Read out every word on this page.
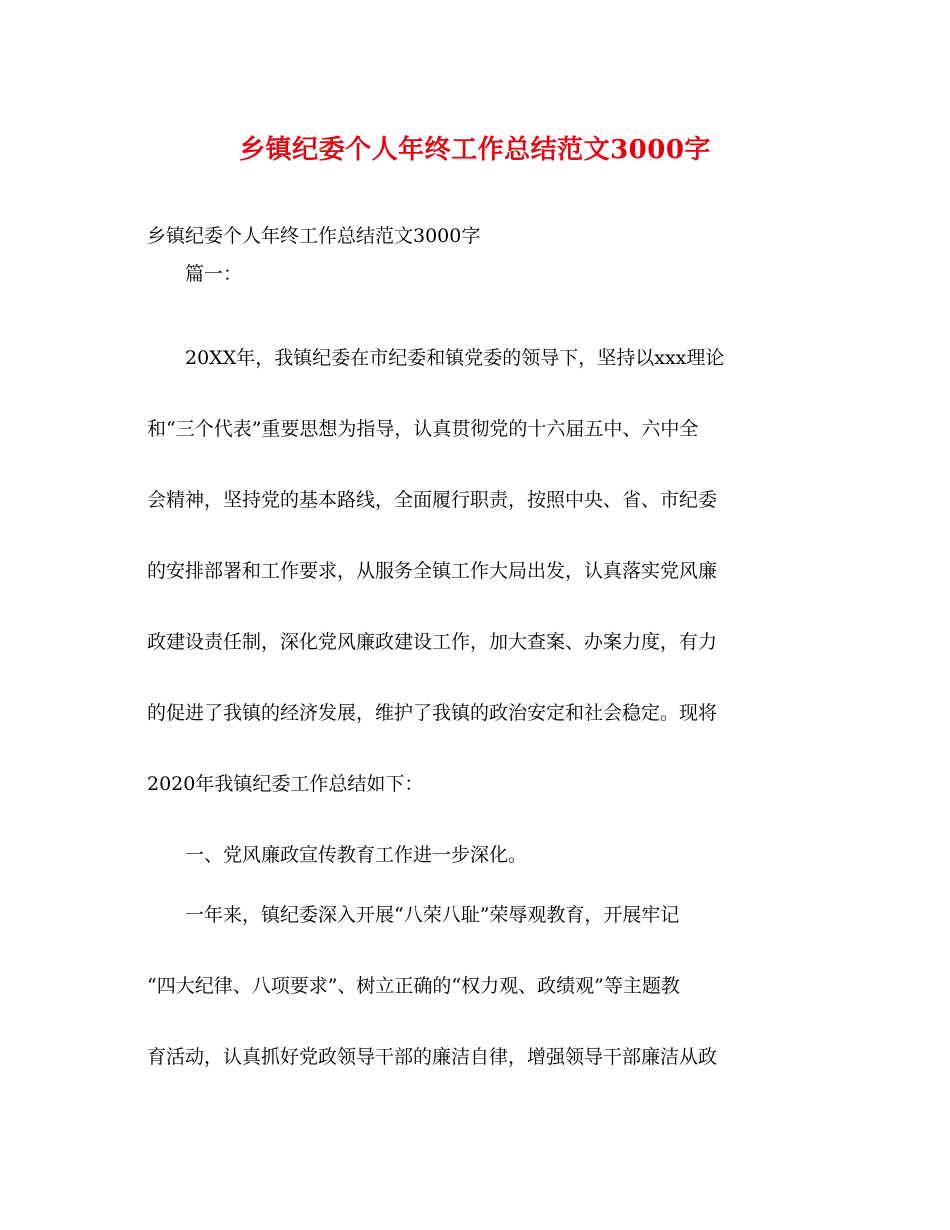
乡镇纪委个人年终工作总结范文3000字
乡镇纪委个人年终工作总结范文3000字
篇一：
20XX年，我镇纪委在市纪委和镇党委的领导下，坚持以xxx理论
和“三个代表”重要思想为指导，认真贯彻党的十六届五中、六中全
会精神，坚持党的基本路线，全面履行职责，按照中央、省、市纪委
的安排部署和工作要求，从服务全镇工作大局出发，认真落实党风廉
政建设责任制，深化党风廉政建设工作，加大查案、办案力度，有力
的促进了我镇的经济发展，维护了我镇的政治安定和社会稳定。现将
2020年我镇纪委工作总结如下：
一、党风廉政宣传教育工作进一步深化。
一年来，镇纪委深入开展“八荣八耻”荣辱观教育，开展牢记
“四大纪律、八项要求”、树立正确的“权力观、政绩观”等主题教
育活动，认真抓好党政领导干部的廉洁自律，增强领导干部廉洁从政
